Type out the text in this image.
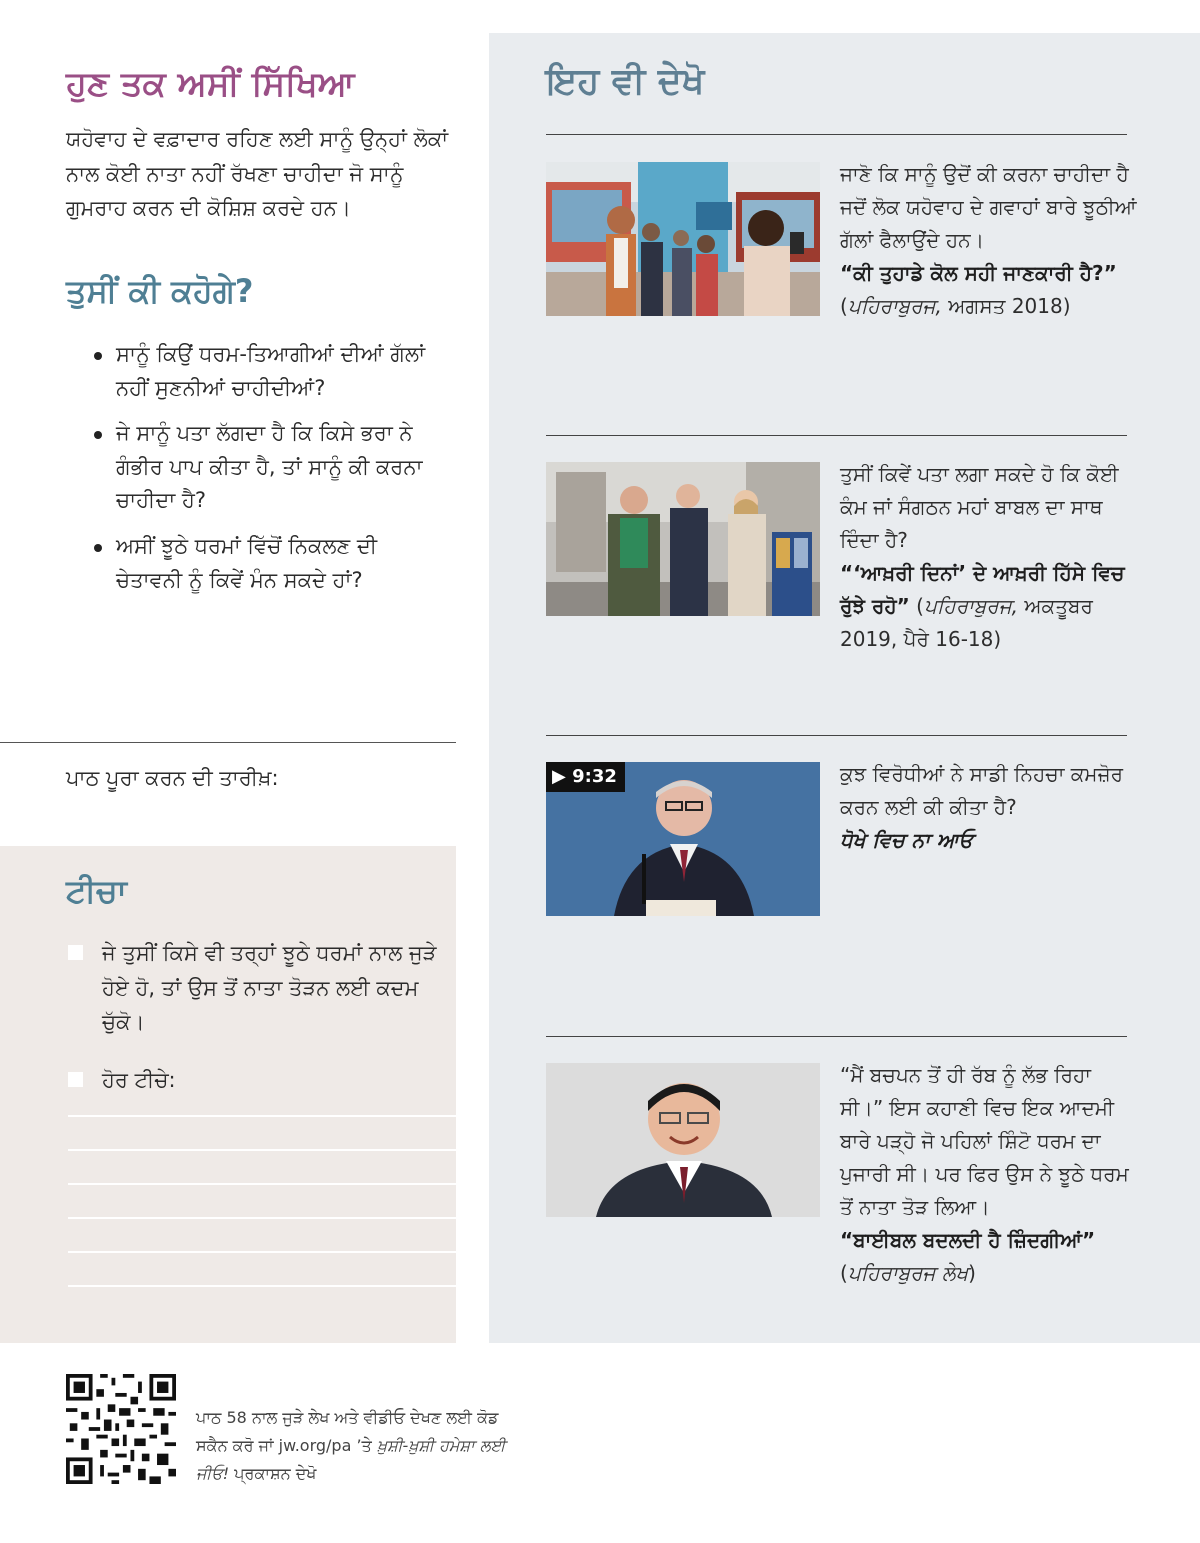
ਹੁਣ ਤਕ ਅਸੀਂ ਸਿੱਖਿਆ
ਯਹੋਵਾਹ ਦੇ ਵਫ਼ਾਦਾਰ ਰਹਿਣ ਲਈ ਸਾਨੂੰ ਉਨ੍ਹਾਂ ਲੋਕਾਂ ਨਾਲ ਕੋਈ ਨਾਤਾ ਨਹੀਂ ਰੱਖਣਾ ਚਾਹੀਦਾ ਜੋ ਸਾਨੂੰ ਗੁਮਰਾਹ ਕਰਨ ਦੀ ਕੋਸ਼ਿਸ਼ ਕਰਦੇ ਹਨ।
ਤੁਸੀਂ ਕੀ ਕਹੋਗੇ?
ਸਾਨੂੰ ਕਿਉਂ ਧਰਮ-ਤਿਆਗੀਆਂ ਦੀਆਂ ਗੱਲਾਂ ਨਹੀਂ ਸੁਣਨੀਆਂ ਚਾਹੀਦੀਆਂ?
ਜੇ ਸਾਨੂੰ ਪਤਾ ਲੱਗਦਾ ਹੈ ਕਿ ਕਿਸੇ ਭਰਾ ਨੇ ਗੰਭੀਰ ਪਾਪ ਕੀਤਾ ਹੈ, ਤਾਂ ਸਾਨੂੰ ਕੀ ਕਰਨਾ ਚਾਹੀਦਾ ਹੈ?
ਅਸੀਂ ਝੂਠੇ ਧਰਮਾਂ ਵਿੱਚੋਂ ਨਿਕਲਣ ਦੀ ਚੇਤਾਵਨੀ ਨੂੰ ਕਿਵੇਂ ਮੰਨ ਸਕਦੇ ਹਾਂ?
ਪਾਠ ਪੂਰਾ ਕਰਨ ਦੀ ਤਾਰੀਖ਼:
ਟੀਚਾ
ਜੇ ਤੁਸੀਂ ਕਿਸੇ ਵੀ ਤਰ੍ਹਾਂ ਝੂਠੇ ਧਰਮਾਂ ਨਾਲ ਜੁੜੇ ਹੋਏ ਹੋ, ਤਾਂ ਉਸ ਤੋਂ ਨਾਤਾ ਤੋੜਨ ਲਈ ਕਦਮ ਚੁੱਕੋ।
ਹੋਰ ਟੀਚੇ:
ਇਹ ਵੀ ਦੇਖੋ
ਜਾਣੋ ਕਿ ਸਾਨੂੰ ਉਦੋਂ ਕੀ ਕਰਨਾ ਚਾਹੀਦਾ ਹੈ ਜਦੋਂ ਲੋਕ ਯਹੋਵਾਹ ਦੇ ਗਵਾਹਾਂ ਬਾਰੇ ਝੂਠੀਆਂ ਗੱਲਾਂ ਫੈਲਾਉਂਦੇ ਹਨ।
“ਕੀ ਤੁਹਾਡੇ ਕੋਲ ਸਹੀ ਜਾਣਕਾਰੀ ਹੈ?” (ਪਹਿਰਾਬੁਰਜ, ਅਗਸਤ 2018)
ਤੁਸੀਂ ਕਿਵੇਂ ਪਤਾ ਲਗਾ ਸਕਦੇ ਹੋ ਕਿ ਕੋਈ ਕੰਮ ਜਾਂ ਸੰਗਠਨ ਮਹਾਂ ਬਾਬਲ ਦਾ ਸਾਥ ਦਿੰਦਾ ਹੈ?
“‘ਆਖ਼ਰੀ ਦਿਨਾਂ’ ਦੇ ਆਖ਼ਰੀ ਹਿੱਸੇ ਵਿਚ ਰੁੱਝੇ ਰਹੋ” (ਪਹਿਰਾਬੁਰਜ, ਅਕਤੂਬਰ 2019, ਪੈਰੇ 16-18)
▶ 9:32	ਕੁਝ ਵਿਰੋਧੀਆਂ ਨੇ ਸਾਡੀ ਨਿਹਚਾ ਕਮਜ਼ੋਰ ਕਰਨ ਲਈ ਕੀ ਕੀਤਾ ਹੈ?
ਧੋਖੇ ਵਿਚ ਨਾ ਆਓ
“ਮੈਂ ਬਚਪਨ ਤੋਂ ਹੀ ਰੱਬ ਨੂੰ ਲੱਭ ਰਿਹਾ ਸੀ।” ਇਸ ਕਹਾਣੀ ਵਿਚ ਇਕ ਆਦਮੀ ਬਾਰੇ ਪੜ੍ਹੋ ਜੋ ਪਹਿਲਾਂ ਸ਼ਿੰਟੋ ਧਰਮ ਦਾ ਪੁਜਾਰੀ ਸੀ। ਪਰ ਫਿਰ ਉਸ ਨੇ ਝੂਠੇ ਧਰਮ ਤੋਂ ਨਾਤਾ ਤੋੜ ਲਿਆ।
“ਬਾਈਬਲ ਬਦਲਦੀ ਹੈ ਜ਼ਿੰਦਗੀਆਂ” (ਪਹਿਰਾਬੁਰਜ ਲੇਖ)
ਪਾਠ 58 ਨਾਲ ਜੁੜੇ ਲੇਖ ਅਤੇ ਵੀਡੀਓ ਦੇਖਣ ਲਈ ਕੋਡ ਸਕੈਨ ਕਰੋ ਜਾਂ jw.org/pa ’ਤੇ ਖ਼ੁਸ਼ੀ-ਖ਼ੁਸ਼ੀ ਹਮੇਸ਼ਾ ਲਈ ਜੀਓ! ਪ੍ਰਕਾਸ਼ਨ ਦੇਖੋ
